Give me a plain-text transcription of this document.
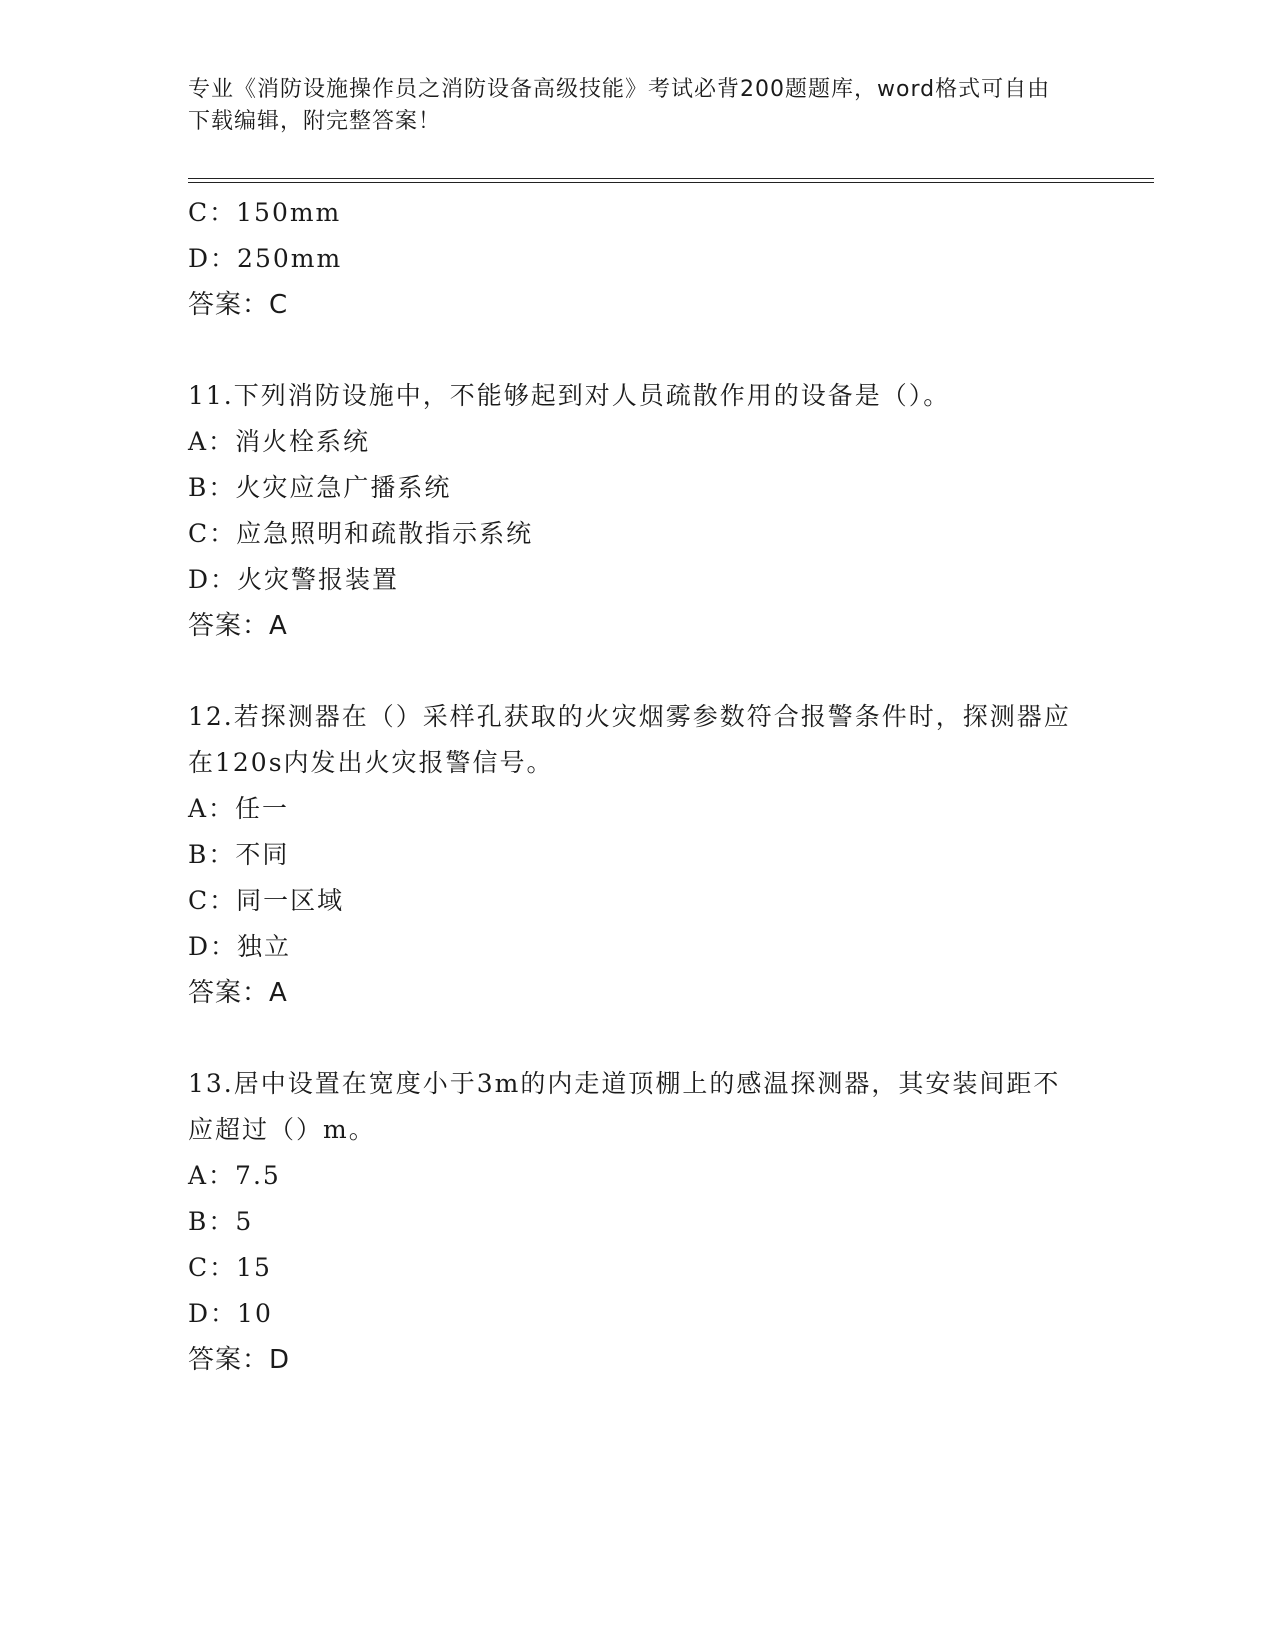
专业《消防设施操作员之消防设备高级技能》考试必背200题题库，word格式可自由下载编辑，附完整答案！
C：150mm
D：250mm
答案：C
11.下列消防设施中，不能够起到对人员疏散作用的设备是（）。
A：消火栓系统
B：火灾应急广播系统
C：应急照明和疏散指示系统
D：火灾警报装置
答案：A
12.若探测器在（）采样孔获取的火灾烟雾参数符合报警条件时，探测器应在120s内发出火灾报警信号。
A：任一
B：不同
C：同一区域
D：独立
答案：A
13.居中设置在宽度小于3m的内走道顶棚上的感温探测器，其安装间距不应超过（）m。
A：7.5
B：5
C：15
D：10
答案：D
